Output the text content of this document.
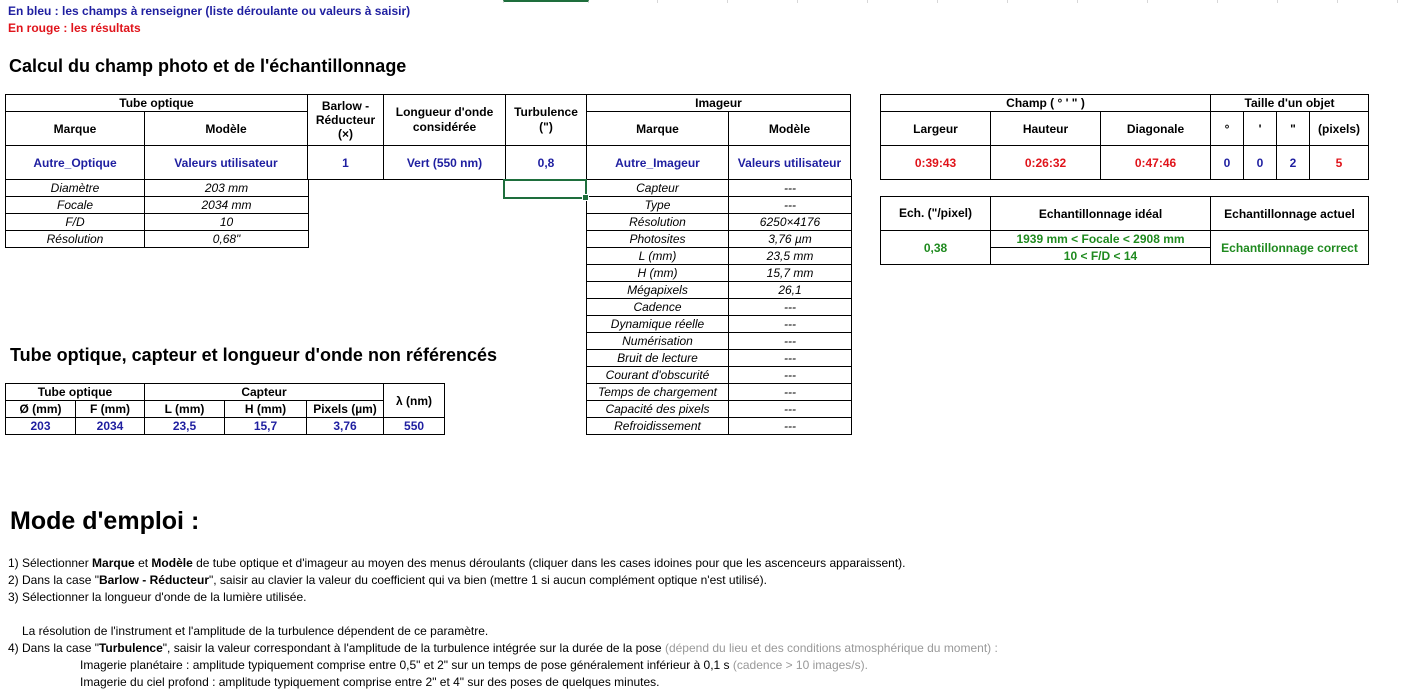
En bleu : les champs à renseigner (liste déroulante ou valeurs à saisir)
En rouge : les résultats
Calcul du champ photo et de l'échantillonnage
Tube optique		Barlow - Réducteur (×)	Longueur d'onde considérée	Turbulence (")	Imageur	
Marque	Modèle				Marque	Modèle
Autre_Optique	Valeurs utilisateur	1	Vert (550 nm)	0,8	Autre_Imageur	Valeurs utilisateur
Diamètre	203 mm
Focale	2034 mm
F/D	10
Résolution	0,68"
Capteur	---
Type	---
Résolution	6250×4176
Photosites	3,76 µm
L (mm)	23,5 mm
H (mm)	15,7 mm
Mégapixels	26,1
Cadence	---
Dynamique réelle	---
Numérisation	---
Bruit de lecture	---
Courant d'obscurité	---
Temps de chargement	---
Capacité des pixels	---
Refroidissement	---
Champ ( ° ' " )			Taille d'un objet			
Largeur	Hauteur	Diagonale	°	'	"	(pixels)
0:39:43	0:26:32	0:47:46	0	0	2	5
Ech. ("/pixel)	Echantillonnage idéal	Echantillonnage actuel
0,38	1939 mm < Focale < 2908 mm	Echantillonnage correct
	10 < F/D < 14	
Tube optique, capteur et longueur d'onde non référencés
Tube optique		Capteur			λ (nm)
Ø (mm)	F (mm)	L (mm)	H (mm)	Pixels (µm)	
203	2034	23,5	15,7	3,76	550
Mode d'emploi :
1) Sélectionner Marque et Modèle de tube optique et d'imageur au moyen des menus déroulants (cliquer dans les cases idoines pour que les ascenceurs apparaissent).
2) Dans la case "Barlow - Réducteur", saisir au clavier la valeur du coefficient qui va bien (mettre 1 si aucun complément optique n'est utilisé).
3) Sélectionner la longueur d'onde de la lumière utilisée.
La résolution de l'instrument et l'amplitude de la turbulence dépendent de ce paramètre.
4) Dans la case "Turbulence", saisir la valeur correspondant à l'amplitude de la turbulence intégrée sur la durée de la pose (dépend du lieu et des conditions atmosphérique du moment) :
Imagerie planétaire : amplitude typiquement comprise entre 0,5" et 2" sur un temps de pose généralement inférieur à 0,1 s (cadence > 10 images/s).
Imagerie du ciel profond : amplitude typiquement comprise entre 2" et 4" sur des poses de quelques minutes.
